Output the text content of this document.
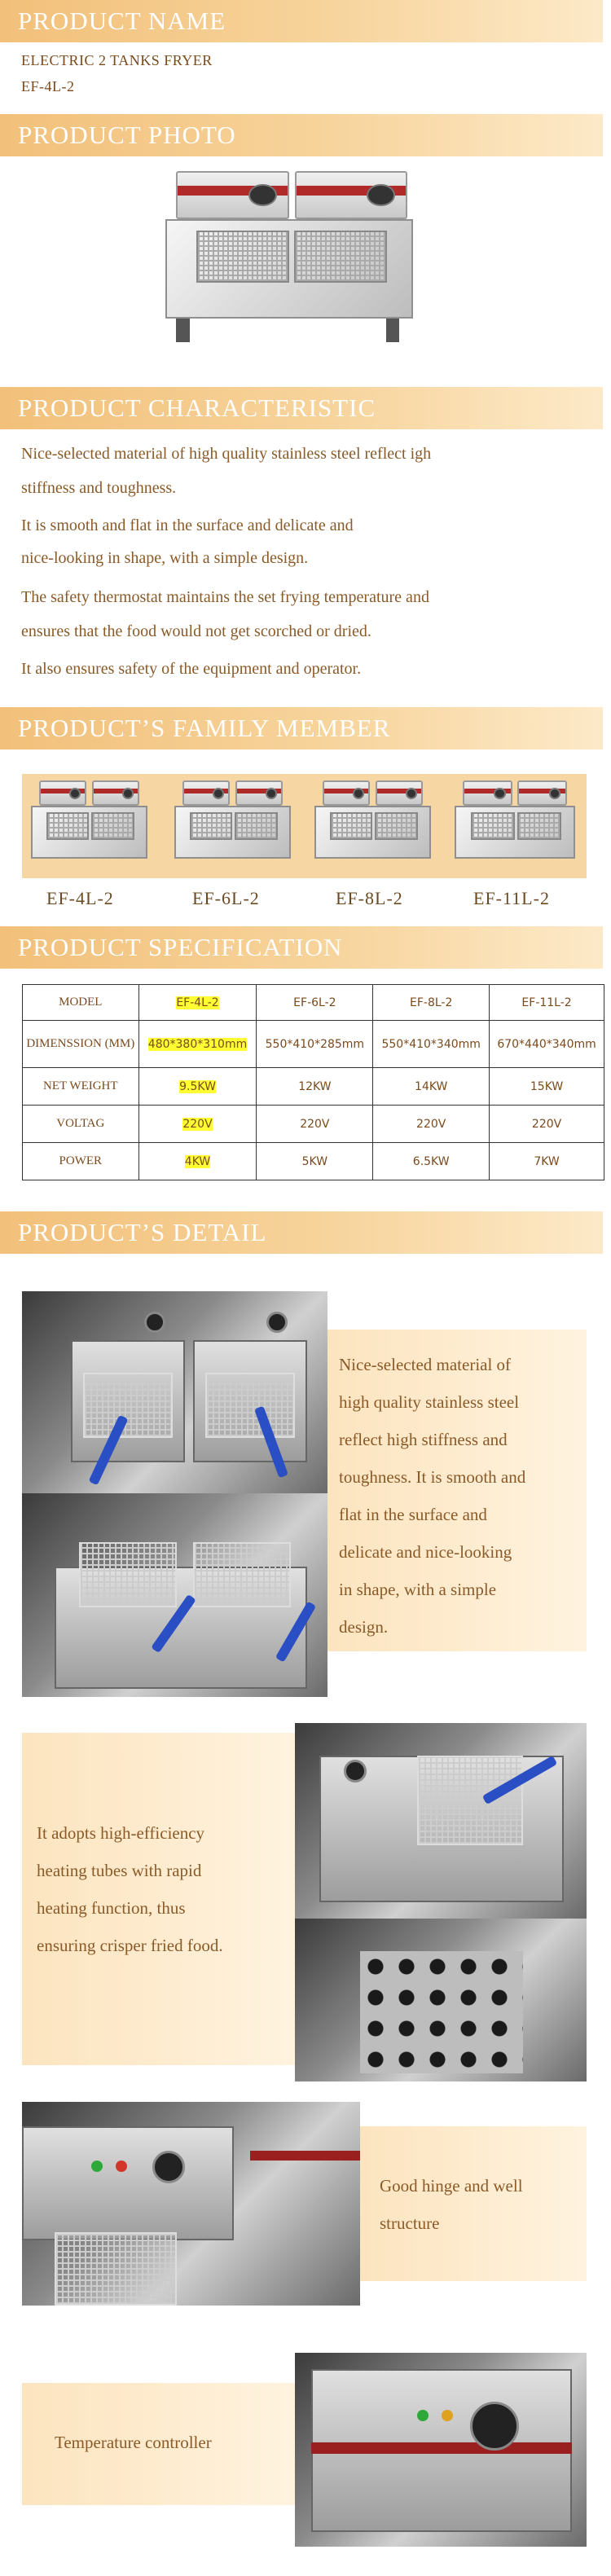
PRODUCT NAME
ELECTRIC 2 TANKS FRYER
EF-4L-2
PRODUCT PHOTO
PRODUCT CHARACTERISTIC

Nice-selected material of high quality stainless steel reflect igh

stiffness and toughness.

It is smooth and flat in the surface and delicate and

nice-looking in shape, with a simple design.

The safety thermostat maintains the set frying temperature and

ensures that the food would not get scorched or dried.

It also ensures safety of the equipment and operator.

PRODUCT’S FAMILY MEMBER
EF-4L-2	EF-6L-2	EF-8L-2	EF-11L-2
PRODUCT SPECIFICATION
MODEL	EF-4L-2	EF-6L-2	EF-8L-2	EF-11L-2
DIMENSSION (MM)	480*380*310mm	550*410*285mm	550*410*340mm	670*440*340mm
NET WEIGHT	9.5KW	12KW	14KW	15KW
VOLTAG	220V	220V	220V	220V
POWER	4KW	5KW	6.5KW	7KW
PRODUCT’S DETAIL

Nice-selected material of

high quality stainless steel

reflect high stiffness and

toughness. It is smooth and

flat in the surface and

delicate and nice-looking

in shape, with a simple

design.

It adopts high-efficiency

heating tubes with rapid

heating function, thus

ensuring crisper fried food.

Good hinge and well

structure

Temperature controller
